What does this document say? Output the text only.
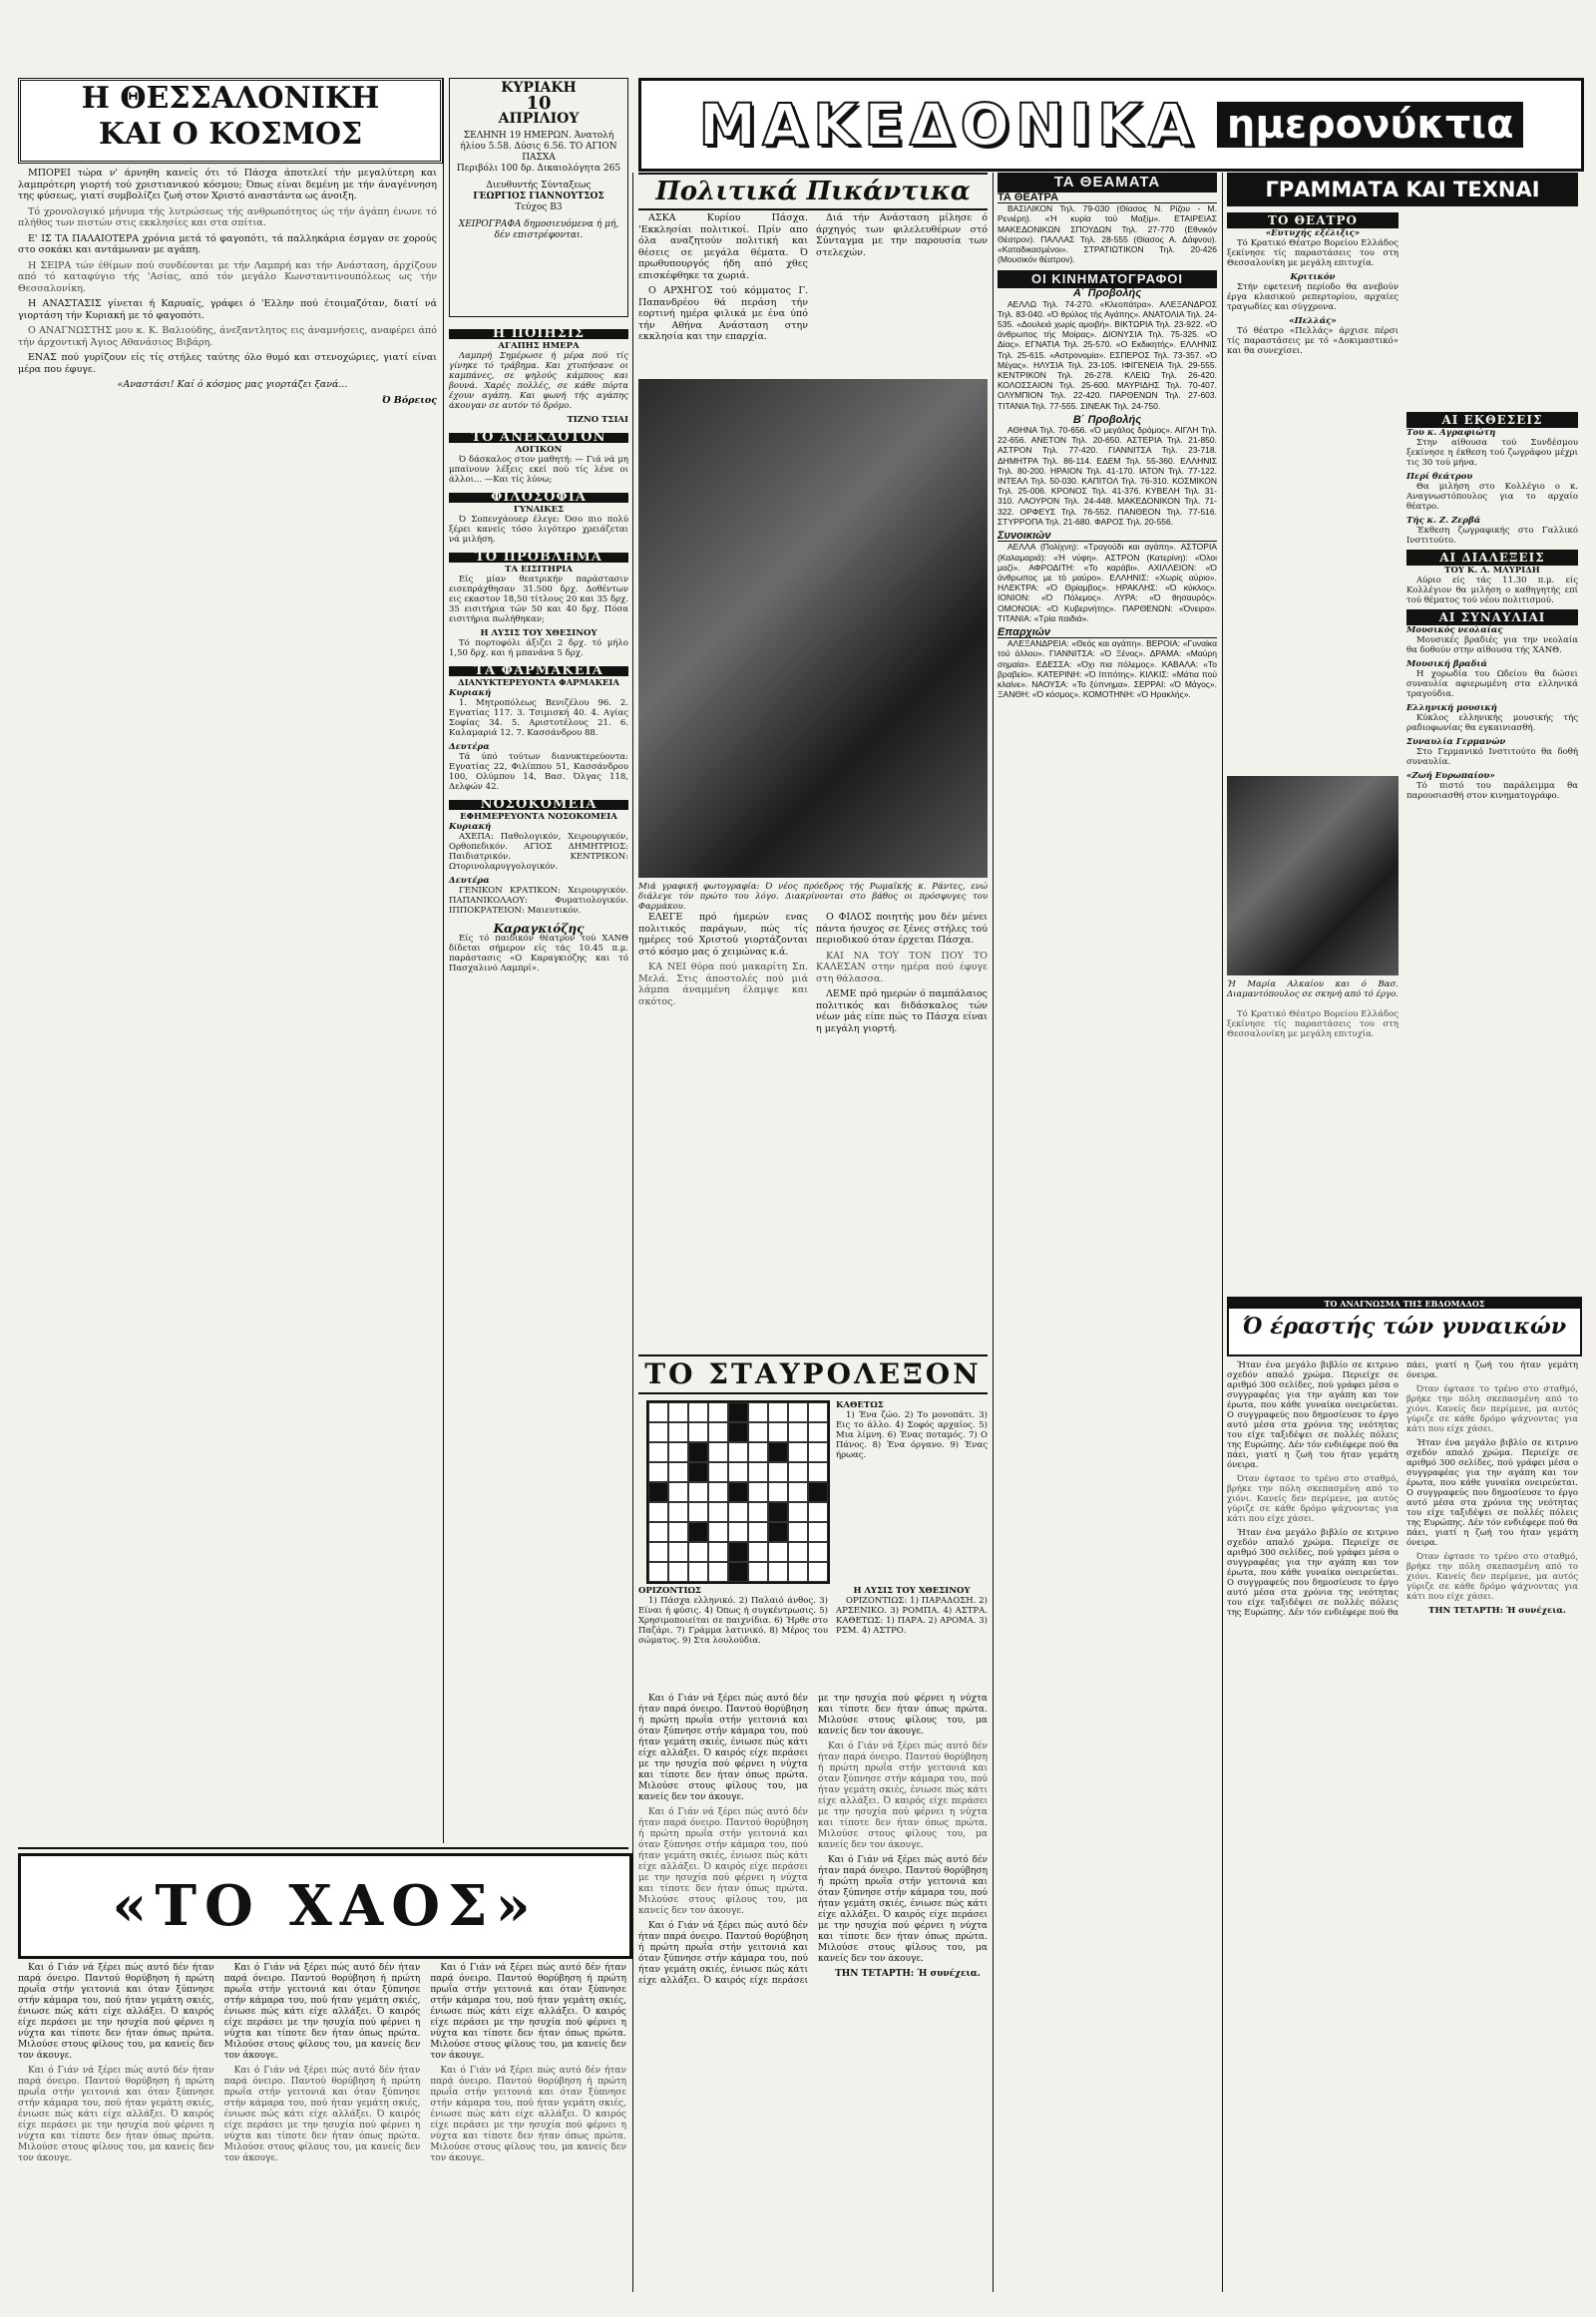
Η ΘΕΣΣΑΛΟΝΙΚΗ
ΚΑΙ Ο ΚΟΣΜΟΣ

ΜΠΟΡΕΙ τώρα ν' άρνηθη κανείς ότι τό Πάσχα άποτελεί τήν μεγαλύτερη και λαμπρότερη γιορτή τού χριστιανικού κόσμου; Όπως είναι δεμένη με τήν άναγέννηση της φύσεως, γιατί συμβολίζει ζωή στον Χριστό αναστάντα ως άνοιξη.

Τό χρονολογικό μήνυμα τής λυτρώσεως τής ανθρωπότητος ώς τήν άγάπη ένωνε τό πλήθος των πιστών στις εκκλησίες και στα σπίτια.

Ε' ΙΣ ΤΑ ΠΑΛΑΙΟΤΕΡΑ χρόνια μετά τό φαγοπότι, τά παλληκάρια έσμγαν σε χορούς στο σοκάκι και αντάμωναν με αγάπη.

Η ΣΕΙΡΑ τών έθίμων πού συνδέονται με τήν Λαμπρή και τήν Ανάσταση, άρχίζουν από τό καταφύγιο τής 'Ασίας, από τόν μεγάλο Κωνσταντινουπόλεως ως τήν Θεσσαλονίκη.

Η ΑΝΑΣΤΑΣΙΣ γίνεται ή Καρυαίς, γράφει ό 'Ελλην πού έτοιμαζόταν, διατί νά γιορτάση τήν Κυριακή με τό φαγοπότι.

Ο ΑΝΑΓΝΩΣΤΗΣ μου κ. Κ. Βαλιούδης, άνεξαντλητος εις άναμνήσεις, αναφέρει άπό τήν άρχοντική Άγιος Αθανάσιος Βιβάρη.

ΕΝΑΣ πού γυρίζουν είς τίς στήλες ταύτης όλο θυμό και στενοχώριες, γιατί είναι μέρα που έφυγε.

«Αναστάσι! Καί ό κόσμος μας γιορτάζει ξανά...

Ό Βόρειος

ΚΥΡΙΑΚΗ
10
ΑΠΡΙΛΙΟΥ
ΣΕΛΗΝΗ 19 ΗΜΕΡΩΝ. Άνατολή ήλίου 5.58. Δύσις 6.56. ΤΟ ΑΓΙΟΝ ΠΑΣΧΑ
Περιβόλι 100 δρ. Δικαιολόγητα 265
Διευθυντής Σύνταξεως
ΓΕΩΡΓΙΟΣ ΓΙΑΝΝΟΥΤΣΟΣ
Τεύχος Β3
ΧΕΙΡΟΓΡΑΦΑ δημοσιευόμενα ή μή, δέν επιστρέφονται.
ΜΑΚΕΔΟΝΙΚΑ ημερονύκτια
Η ΠΟΙΗΣΙΣ
ΑΓΑΠΗΣ ΗΜΕΡΑ

Λαμπρή Σημέρωσε ή μέρα πού τίς γίνηκε τό τράβημα. Και χτυπήσανε οι καμπάνες, σε ψηλούς κάμπους και βουνά. Χαρές πολλές, σε κάθε πόρτα έχουν αγάπη. Και φωνή τής αγάπης άκουγαν σε αυτόν τό δρόμο.

ΤΙΖΝΟ ΤΣΙΑΙ
ΤΟ ΑΝΕΚΔΟΤΟΝ
ΛΟΓΙΚΟΝ

Ό δάσκαλος στον μαθητή: — Γιά νά μη μπαίνουν λέξεις εκεί πού τίς λένε οι άλλοι... —Και τίς λύνω;

ΦΙΛΟΣΟΦΙΑ
ΓΥΝΑΙΚΕΣ

Ό Σοπενχάουερ έλεγε: Όσο πιο πολύ ξέρει κανείς τόσο λιγότερο χρειάζεται νά μιλήση.

ΤΟ ΠΡΟΒΛΗΜΑ
ΤΑ ΕΙΣΙΤΗΡΙΑ

Είς μίαν θεατρικήν παράστασιν εισεπράχθησαν 31.500 δρχ. Δοθέντων εις εκαστον 18,50 τίτλους 20 και 35 δρχ. 35 εισιτήρια τών 50 και 40 δρχ. Πόσα εισιτήρια πωλήθηκαν;

Η ΛΥΣΙΣ ΤΟΥ ΧΘΕΣΙΝΟΥ

Τό πορτοφόλι άξιζει 2 δρχ. τό μήλο 1,50 δρχ. και ή μπανάνα 5 δρχ.

ΤΑ ΦΑΡΜΑΚΕΙΑ
ΔΙΑΝΥΚΤΕΡΕΥΟΝΤΑ ΦΑΡΜΑΚΕΙΑ
Κυριακή

1. Μητροπόλεως Βενιζέλου 96. 2. Εγνατίας 117. 3. Τσιμισκή 40. 4. Αγίας Σοφίας 34. 5. Αριστοτέλους 21. 6. Καλαμαριά 12. 7. Κασσάνδρου 88.

Δευτέρα

Τά ύπό τούτων διανυκτερεύοντα: Εγνατίας 22, Φιλίππου 51, Κασσάνδρου 100, Ολύμπου 14, Βασ. Όλγας 118, Δελφών 42.

ΝΟΣΟΚΟΜΕΙΑ
ΕΦΗΜΕΡΕΥΟΝΤΑ ΝΟΣΟΚΟΜΕΙΑ
Κυριακή

ΑΧΕΠΑ: Παθολογικόν, Χειρουργικόν, Ορθοπεδικόν. ΑΓΙΟΣ ΔΗΜΗΤΡΙΟΣ: Παιδιατρικόν. ΚΕΝΤΡΙΚΟΝ: Ωτορινολαρυγγολογικόν.

Δευτέρα

ΓΕΝΙΚΟΝ ΚΡΑΤΙΚΟΝ: Χειρουργικόν. ΠΑΠΑΝΙΚΟΛΑΟΥ: Φυματιολογικόν. ΙΠΠΟΚΡΑΤΕΙΟΝ: Μαιευτικόν.

Καραγκιόζης

Είς τό παιδικόν θέατρον τού ΧΑΝΘ δίδεται σήμερον είς τάς 10.45 π.μ. παράστασις «Ο Καραγκιόζης και τό Πασχαλινό Λαμπρί».

Πολιτικά Πικάντικα

ΑΣΚΑ Κυρίου Πάσχα. 'Εκκλησίαι πολιτικοί. Πρίν απο όλα αναζητούν πολιτική και θέσεις σε μεγάλα θέματα. Ό πρωθυπουργός ήδη από χθες επισκέφθηκε τα χωριά.

Ο ΑΡΧΗΓΟΣ τού κόμματος Γ. Παπανδρέου θά περάση τήν εορτινή ημέρα φιλικά με ένα ύπό τήν Αθήνα Ανάσταση στην εκκλησία και την επαρχία.

Διά τήν Ανάσταση μίλησε ό άρχηγός των φιλελευθέρων στό Σύνταγμα με την παρουσία των στελεχών.

Μιά γραφική φωτογραφία: Ό νέος πρόεδρος τής Ρωμαϊκής κ. Ράντες, ενώ διάλεγε τόν πρώτο του λόγο. Διακρίνονται στο βάθος οι πρόσφυγες του Φαρμάκου.

ΕΛΕΓΕ πρό ήμερών ενας πολιτικός παράγων, πώς τίς ημέρες τού Χριστού γιορτάζονται στό κόσμο μας ό χειμώνας κ.ά.

ΚΑ ΝΕΙ θύρα πού μακαρίτη Σπ. Μελά. Στις άποστολές πού μιά λάμπα άναμμένη έλαμψε και σκότος.

Ο ΦΙΛΟΣ ποιητής μου δέν μένει πάντα ήσυχος σε ξένες στήλες τού περιοδικού όταν έρχεται Πάσχα.

ΚΑΙ ΝΑ ΤΟΥ ΤΟΝ ΠΟΥ ΤΟ ΚΑΛΕΣΑΝ στην ημέρα πού έφυγε στη θάλασσα.

ΛΕΜΕ πρό ημερών ό παμπάλαιος πολιτικός και διδάσκαλος τών νέων μάς είπε πώς το Πάσχα είναι η μεγάλη γιορτή.

ΤΟ ΣΤΑΥΡΟΛΕΞΟΝ
ΟΡΙΖΟΝΤΙΩΣ

1) Πάσχα ελληνικό. 2) Παλαιό άνθος. 3) Είναι ή φύσις. 4) Όπως ή συγκέντρωσις. 5) Χρησιμοποιείται σε παιχνίδια. 6) Ήρθε στο Παζάρι. 7) Γράμμα λατινικό. 8) Μέρος του σώματος. 9) Στα λουλούδια.

ΚΑΘΕΤΩΣ

1) Ένα ζώο. 2) Το μονοπάτι. 3) Εις το άλλο. 4) Σοφός αρχαίος. 5) Μια λίμνη. 6) Ένας ποταμός. 7) Ο Πάνος. 8) Ένα όργανο. 9) Ένας ήρωας.

Η ΛΥΣΙΣ ΤΟΥ ΧΘΕΣΙΝΟΥ

ΟΡΙΖΟΝΤΙΩΣ: 1) ΠΑΡΑΔΟΣΗ. 2) ΑΡΣΕΝΙΚΟ. 3) ΡΟΜΠΑ. 4) ΑΣΤΡΑ. ΚΑΘΕΤΩΣ: 1) ΠΑΡΑ. 2) ΑΡΟΜΑ. 3) ΡΣΜ. 4) ΑΣΤΡΟ.

ΤΑ ΘΕΑΜΑΤΑ
ΤΑ ΘΕΑΤΡΑ

ΒΑΣΙΛΙΚΟΝ Τηλ. 79-030 (Θίασος Ν. Ρίζου - Μ. Ρενιέρη). «Ή κυρία τού Μαξίμ». ΕΤΑΙΡΕΙΑΣ ΜΑΚΕΔΟΝΙΚΩΝ ΣΠΟΥΔΩΝ Τηλ. 27-770 (Εθνικόν Θέατρον). ΠΑΛΛΑΣ Τηλ. 28-555 (Θίασος Α. Δάφνου). «Καταδικασμένοι». ΣΤΡΑΤΙΩΤΙΚΟΝ Τηλ. 20-426 (Μουσικόν θέατρον).

ΟΙ ΚΙΝΗΜΑΤΟΓΡΑΦΟΙ
Α΄ Προβολής

ΑΕΛΛΩ Τηλ. 74-270. «Κλεοπάτρα». ΑΛΕΞΑΝΔΡΟΣ Τηλ. 83-040. «Ό θρύλος τής Αγάπης». ΑΝΑΤΟΛΙΑ Τηλ. 24-535. «Δουλειά χωρίς αμοιβή». ΒΙΚΤΩΡΙΑ Τηλ. 23-922. «Ό άνθρωπος τής Μοίρας». ΔΙΟΝΥΣΙΑ Τηλ. 75-325. «Ό Δίας». ΕΓΝΑΤΙΑ Τηλ. 25-570. «Ο Εκδικητής». ΕΛΛΗΝΙΣ Τηλ. 25-615. «Αστρονομία». ΕΣΠΕΡΟΣ Τηλ. 73-357. «Ό Μέγας». ΗΛΥΣΙΑ Τηλ. 23-105. ΙΦΙΓΕΝΕΙΑ Τηλ. 29-555. ΚΕΝΤΡΙΚΟΝ Τηλ. 26-278. ΚΛΕΙΩ Τηλ. 26-420. ΚΟΛΟΣΣΑΙΟΝ Τηλ. 25-600. ΜΑΥΡΙΔΗΣ Τηλ. 70-407. ΟΛΥΜΠΙΟΝ Τηλ. 22-420. ΠΑΡΘΕΝΩΝ Τηλ. 27-603. ΤΙΤΑΝΙΑ Τηλ. 77-555. ΣΙΝΕΑΚ Τηλ. 24-750.

Β΄ Προβολής

ΑΘΗΝΑ Τηλ. 70-656. «Ό μεγάλος δρόμος». ΑΙΓΛΗ Τηλ. 22-656. ΑΝΕΤΟΝ Τηλ. 20-650. ΑΣΤΕΡΙΑ Τηλ. 21-850. ΑΣΤΡΟΝ Τηλ. 77-420. ΓΙΑΝΝΙΤΣΑ Τηλ. 23-718. ΔΗΜΗΤΡΑ Τηλ. 86-114. ΕΔΕΜ Τηλ. 55-360. ΕΛΛΗΝΙΣ Τηλ. 80-200. ΗΡΑΙΟΝ Τηλ. 41-170. ΙΑΤΟΝ Τηλ. 77-122. ΙΝΤΕΑΛ Τηλ. 50-030. ΚΑΠΙΤΟΛ Τηλ. 76-310. ΚΟΣΜΙΚΟΝ Τηλ. 25-006. ΚΡΟΝΟΣ Τηλ. 41-376. ΚΥΒΕΛΗ Τηλ. 31-310. ΛΑΟΥΡΟΝ Τηλ. 24-448. ΜΑΚΕΔΟΝΙΚΟΝ Τηλ. 71-322. ΟΡΦΕΥΣ Τηλ. 76-552. ΠΑΝΘΕΟΝ Τηλ. 77-516. ΣΤΥΡΡΟΠΑ Τηλ. 21-680. ΦΑΡΟΣ Τηλ. 20-556.

Συνοικιών

ΑΕΛΛΑ (Πολίχνη): «Τραγούδι και αγάπη». ΑΣΤΟΡΙΑ (Καλαμαριά): «Ή νύφη». ΑΣΤΡΟΝ (Κατερίνη): «Όλοι μαζί». ΑΦΡΟΔΙΤΗ: «Το καράβι». ΑΧΙΛΛΕΙΟΝ: «Ό άνθρωπος με τό μαύρο». ΕΛΛΗΝΙΣ: «Χωρίς αύριο». ΗΛΕΚΤΡΑ: «Ό Θρίαμβος». ΗΡΑΚΛΗΣ: «Ό κύκλος». ΙΟΝΙΟΝ: «Ό Πόλεμος». ΛΥΡΑ: «Ό θησαυρός». ΟΜΟΝΟΙΑ: «Ό Κυβερνήτης». ΠΑΡΘΕΝΩΝ: «Όνειρα». ΤΙΤΑΝΙΑ: «Τρία παιδιά».

Επαρχιών

ΑΛΕΞΑΝΔΡΕΙΑ: «Θεός και αγάπη». ΒΕΡΟΙΑ: «Γυναίκα τού άλλου». ΓΙΑΝΝΙΤΣΑ: «Ό Ξένος». ΔΡΑΜΑ: «Μαύρη σημαία». ΕΔΕΣΣΑ: «Όχι πια πόλεμος». ΚΑΒΑΛΑ: «Το βραβείο». ΚΑΤΕΡΙΝΗ: «Ό Ιππότης». ΚΙΛΚΙΣ: «Μάτια πού κλαίνε». ΝΑΟΥΣΑ: «Το ξύπνημα». ΣΕΡΡΑΙ: «Ό Μάγος». ΞΑΝΘΗ: «Ό κόσμος». ΚΟΜΟΤΗΝΗ: «Ό Ηρακλής».

ΓΡΑΜΜΑΤΑ ΚΑΙ ΤΕΧΝΑΙ
ΤΟ ΘΕΑΤΡΟ
«Ευτυχής εξέλιξις»

Τό Κρατικό Θέατρο Βορείου Ελλάδος ξεκίνησε τίς παραστάσεις του στη Θεσσαλονίκη με μεγάλη επιτυχία.

Κριτικόν

Στήν εφετεινή περίοδο θα ανεβούν έργα κλασικού ρεπερτορίου, αρχαίες τραγωδίες και σύγχρονα.

«Πελλάς»

Τό θέατρο «Πελλάς» άρχισε πέρσι τίς παραστάσεις με τό «Δοκιμαστικό» και θα συνεχίσει.

Ή Μαρία Αλκαίου και ό Βασ. Διαμαντόπουλος σε σκηνή από τό έργο.
ΑΙ ΕΚΘΕΣΕΙΣ
Του κ. Αγραφιώτη

Στην αίθουσα τού Συνδέσμου ξεκίνησε η έκθεση τού ζωγράφου μέχρι τις 30 τού μήνα.

Περί θεάτρου

Θα μιλήση στο Κολλέγιο ο κ. Αναγνωστόπουλος για το αρχαίο θέατρο.

Τής κ. Ζ. Ζερβά

Έκθεση ζωγραφικής στο Γαλλικό Ινστιτούτο.

ΑΙ ΔΙΑΛΕΞΕΙΣ
ΤΟΥ Κ. Λ. ΜΑΥΡΙΔΗ

Αύριο είς τάς 11.30 π.μ. είς Κολλέγιον θα μιλήση ο καθηγητής επί τού θέματος τού νέου πολιτισμού.

ΑΙ ΣΥΝΑΥΛΙΑΙ
Μουσικός νεολαίας

Μουσικές βραδιές για την νεολαία θα δοθούν στην αίθουσα τής ΧΑΝΘ.

Μουσική βραδιά

Η χορωδία του Ωδείου θα δώσει συναυλία αφιερωμένη στα ελληνικά τραγούδια.

Ελληνική μουσική

Κύκλος ελληνικής μουσικής τής ραδιοφωνίας θα εγκαινιασθή.

Συναυλία Γερμανών

Στο Γερμανικό Ινστιτούτο θα δοθή συναυλία.

«Ζωή Ευρωπαίου»

Τό πιστό του παράλειμμα θα παρουσιασθή στον κινηματογράφο.

Τό Κρατικό Θέατρο Βορείου Ελλάδος ξεκίνησε τίς παραστάσεις του στη Θεσσαλονίκη με μεγάλη επιτυχία.

ΤΟ ΑΝΑΓΝΩΣΜΑ ΤΗΣ ΕΒΔΟΜΑΔΟΣ
Ό έραστής τών γυναικών

Ήταν ένα μεγάλο βιβλίο σε κιτρινο σχεδόν απαλό χρώμα. Περιείχε σε αριθμό 300 σελίδες, πού γράφει μέσα ο συγγραφέας για την αγάπη και τον έρωτα, που κάθε γυναίκα ονειρεύεται. Ο συγγραφεύς που δημοσίευσε το έργο αυτό μέσα στα χρόνια της νεότητας του είχε ταξιδέψει σε πολλές πόλεις της Ευρώπης. Δέν τόν ενδιέφερε πού θα πάει, γιατί η ζωή του ήταν γεμάτη όνειρα.

Όταν έφτασε το τρένο στο σταθμό, βρήκε την πόλη σκεπασμένη από το χιόνι. Κανείς δεν περίμενε, μα αυτός γύριζε σε κάθε δρόμο ψάχνοντας για κάτι που είχε χάσει.

Ήταν ένα μεγάλο βιβλίο σε κιτρινο σχεδόν απαλό χρώμα. Περιείχε σε αριθμό 300 σελίδες, πού γράφει μέσα ο συγγραφέας για την αγάπη και τον έρωτα, που κάθε γυναίκα ονειρεύεται. Ο συγγραφεύς που δημοσίευσε το έργο αυτό μέσα στα χρόνια της νεότητας του είχε ταξιδέψει σε πολλές πόλεις της Ευρώπης. Δέν τόν ενδιέφερε πού θα πάει, γιατί η ζωή του ήταν γεμάτη όνειρα.

Όταν έφτασε το τρένο στο σταθμό, βρήκε την πόλη σκεπασμένη από το χιόνι. Κανείς δεν περίμενε, μα αυτός γύριζε σε κάθε δρόμο ψάχνοντας για κάτι που είχε χάσει.

Ήταν ένα μεγάλο βιβλίο σε κιτρινο σχεδόν απαλό χρώμα. Περιείχε σε αριθμό 300 σελίδες, πού γράφει μέσα ο συγγραφέας για την αγάπη και τον έρωτα, που κάθε γυναίκα ονειρεύεται. Ο συγγραφεύς που δημοσίευσε το έργο αυτό μέσα στα χρόνια της νεότητας του είχε ταξιδέψει σε πολλές πόλεις της Ευρώπης. Δέν τόν ενδιέφερε πού θα πάει, γιατί η ζωή του ήταν γεμάτη όνειρα.

Όταν έφτασε το τρένο στο σταθμό, βρήκε την πόλη σκεπασμένη από το χιόνι. Κανείς δεν περίμενε, μα αυτός γύριζε σε κάθε δρόμο ψάχνοντας για κάτι που είχε χάσει.

ΤΗΝ ΤΕΤΑΡΤΗ: Ή συνέχεια.

«ΤΟ ΧΑΟΣ»

Και ό Γιάν νά ξέρει πώς αυτό δέν ήταν παρά όνειρο. Παντού θορύβηση ή πρώτη πρωΐα στήν γειτονιά και όταν ξύπνησε στήν κάμαρα του, πού ήταν γεμάτη σκιές, ένιωσε πώς κάτι είχε αλλάξει. Ό καιρός είχε περάσει με την ησυχία πού φέρνει η νύχτα και τίποτε δεν ήταν όπως πρώτα. Μιλούσε στους φίλους του, μα κανείς δεν τον άκουγε.

Και ό Γιάν νά ξέρει πώς αυτό δέν ήταν παρά όνειρο. Παντού θορύβηση ή πρώτη πρωΐα στήν γειτονιά και όταν ξύπνησε στήν κάμαρα του, πού ήταν γεμάτη σκιές, ένιωσε πώς κάτι είχε αλλάξει. Ό καιρός είχε περάσει με την ησυχία πού φέρνει η νύχτα και τίποτε δεν ήταν όπως πρώτα. Μιλούσε στους φίλους του, μα κανείς δεν τον άκουγε.

Και ό Γιάν νά ξέρει πώς αυτό δέν ήταν παρά όνειρο. Παντού θορύβηση ή πρώτη πρωΐα στήν γειτονιά και όταν ξύπνησε στήν κάμαρα του, πού ήταν γεμάτη σκιές, ένιωσε πώς κάτι είχε αλλάξει. Ό καιρός είχε περάσει με την ησυχία πού φέρνει η νύχτα και τίποτε δεν ήταν όπως πρώτα. Μιλούσε στους φίλους του, μα κανείς δεν τον άκουγε.

Και ό Γιάν νά ξέρει πώς αυτό δέν ήταν παρά όνειρο. Παντού θορύβηση ή πρώτη πρωΐα στήν γειτονιά και όταν ξύπνησε στήν κάμαρα του, πού ήταν γεμάτη σκιές, ένιωσε πώς κάτι είχε αλλάξει. Ό καιρός είχε περάσει με την ησυχία πού φέρνει η νύχτα και τίποτε δεν ήταν όπως πρώτα. Μιλούσε στους φίλους του, μα κανείς δεν τον άκουγε.

Και ό Γιάν νά ξέρει πώς αυτό δέν ήταν παρά όνειρο. Παντού θορύβηση ή πρώτη πρωΐα στήν γειτονιά και όταν ξύπνησε στήν κάμαρα του, πού ήταν γεμάτη σκιές, ένιωσε πώς κάτι είχε αλλάξει. Ό καιρός είχε περάσει με την ησυχία πού φέρνει η νύχτα και τίποτε δεν ήταν όπως πρώτα. Μιλούσε στους φίλους του, μα κανείς δεν τον άκουγε.

Και ό Γιάν νά ξέρει πώς αυτό δέν ήταν παρά όνειρο. Παντού θορύβηση ή πρώτη πρωΐα στήν γειτονιά και όταν ξύπνησε στήν κάμαρα του, πού ήταν γεμάτη σκιές, ένιωσε πώς κάτι είχε αλλάξει. Ό καιρός είχε περάσει με την ησυχία πού φέρνει η νύχτα και τίποτε δεν ήταν όπως πρώτα. Μιλούσε στους φίλους του, μα κανείς δεν τον άκουγε.

Και ό Γιάν νά ξέρει πώς αυτό δέν ήταν παρά όνειρο. Παντού θορύβηση ή πρώτη πρωΐα στήν γειτονιά και όταν ξύπνησε στήν κάμαρα του, πού ήταν γεμάτη σκιές, ένιωσε πώς κάτι είχε αλλάξει. Ό καιρός είχε περάσει με την ησυχία πού φέρνει η νύχτα και τίποτε δεν ήταν όπως πρώτα. Μιλούσε στους φίλους του, μα κανείς δεν τον άκουγε.

Και ό Γιάν νά ξέρει πώς αυτό δέν ήταν παρά όνειρο. Παντού θορύβηση ή πρώτη πρωΐα στήν γειτονιά και όταν ξύπνησε στήν κάμαρα του, πού ήταν γεμάτη σκιές, ένιωσε πώς κάτι είχε αλλάξει. Ό καιρός είχε περάσει με την ησυχία πού φέρνει η νύχτα και τίποτε δεν ήταν όπως πρώτα. Μιλούσε στους φίλους του, μα κανείς δεν τον άκουγε.

Και ό Γιάν νά ξέρει πώς αυτό δέν ήταν παρά όνειρο. Παντού θορύβηση ή πρώτη πρωΐα στήν γειτονιά και όταν ξύπνησε στήν κάμαρα του, πού ήταν γεμάτη σκιές, ένιωσε πώς κάτι είχε αλλάξει. Ό καιρός είχε περάσει με την ησυχία πού φέρνει η νύχτα και τίποτε δεν ήταν όπως πρώτα. Μιλούσε στους φίλους του, μα κανείς δεν τον άκουγε.

Και ό Γιάν νά ξέρει πώς αυτό δέν ήταν παρά όνειρο. Παντού θορύβηση ή πρώτη πρωΐα στήν γειτονιά και όταν ξύπνησε στήν κάμαρα του, πού ήταν γεμάτη σκιές, ένιωσε πώς κάτι είχε αλλάξει. Ό καιρός είχε περάσει με την ησυχία πού φέρνει η νύχτα και τίποτε δεν ήταν όπως πρώτα. Μιλούσε στους φίλους του, μα κανείς δεν τον άκουγε.

Και ό Γιάν νά ξέρει πώς αυτό δέν ήταν παρά όνειρο. Παντού θορύβηση ή πρώτη πρωΐα στήν γειτονιά και όταν ξύπνησε στήν κάμαρα του, πού ήταν γεμάτη σκιές, ένιωσε πώς κάτι είχε αλλάξει. Ό καιρός είχε περάσει με την ησυχία πού φέρνει η νύχτα και τίποτε δεν ήταν όπως πρώτα. Μιλούσε στους φίλους του, μα κανείς δεν τον άκουγε.

ΤΗΝ ΤΕΤΑΡΤΗ: Ή συνέχεια.
